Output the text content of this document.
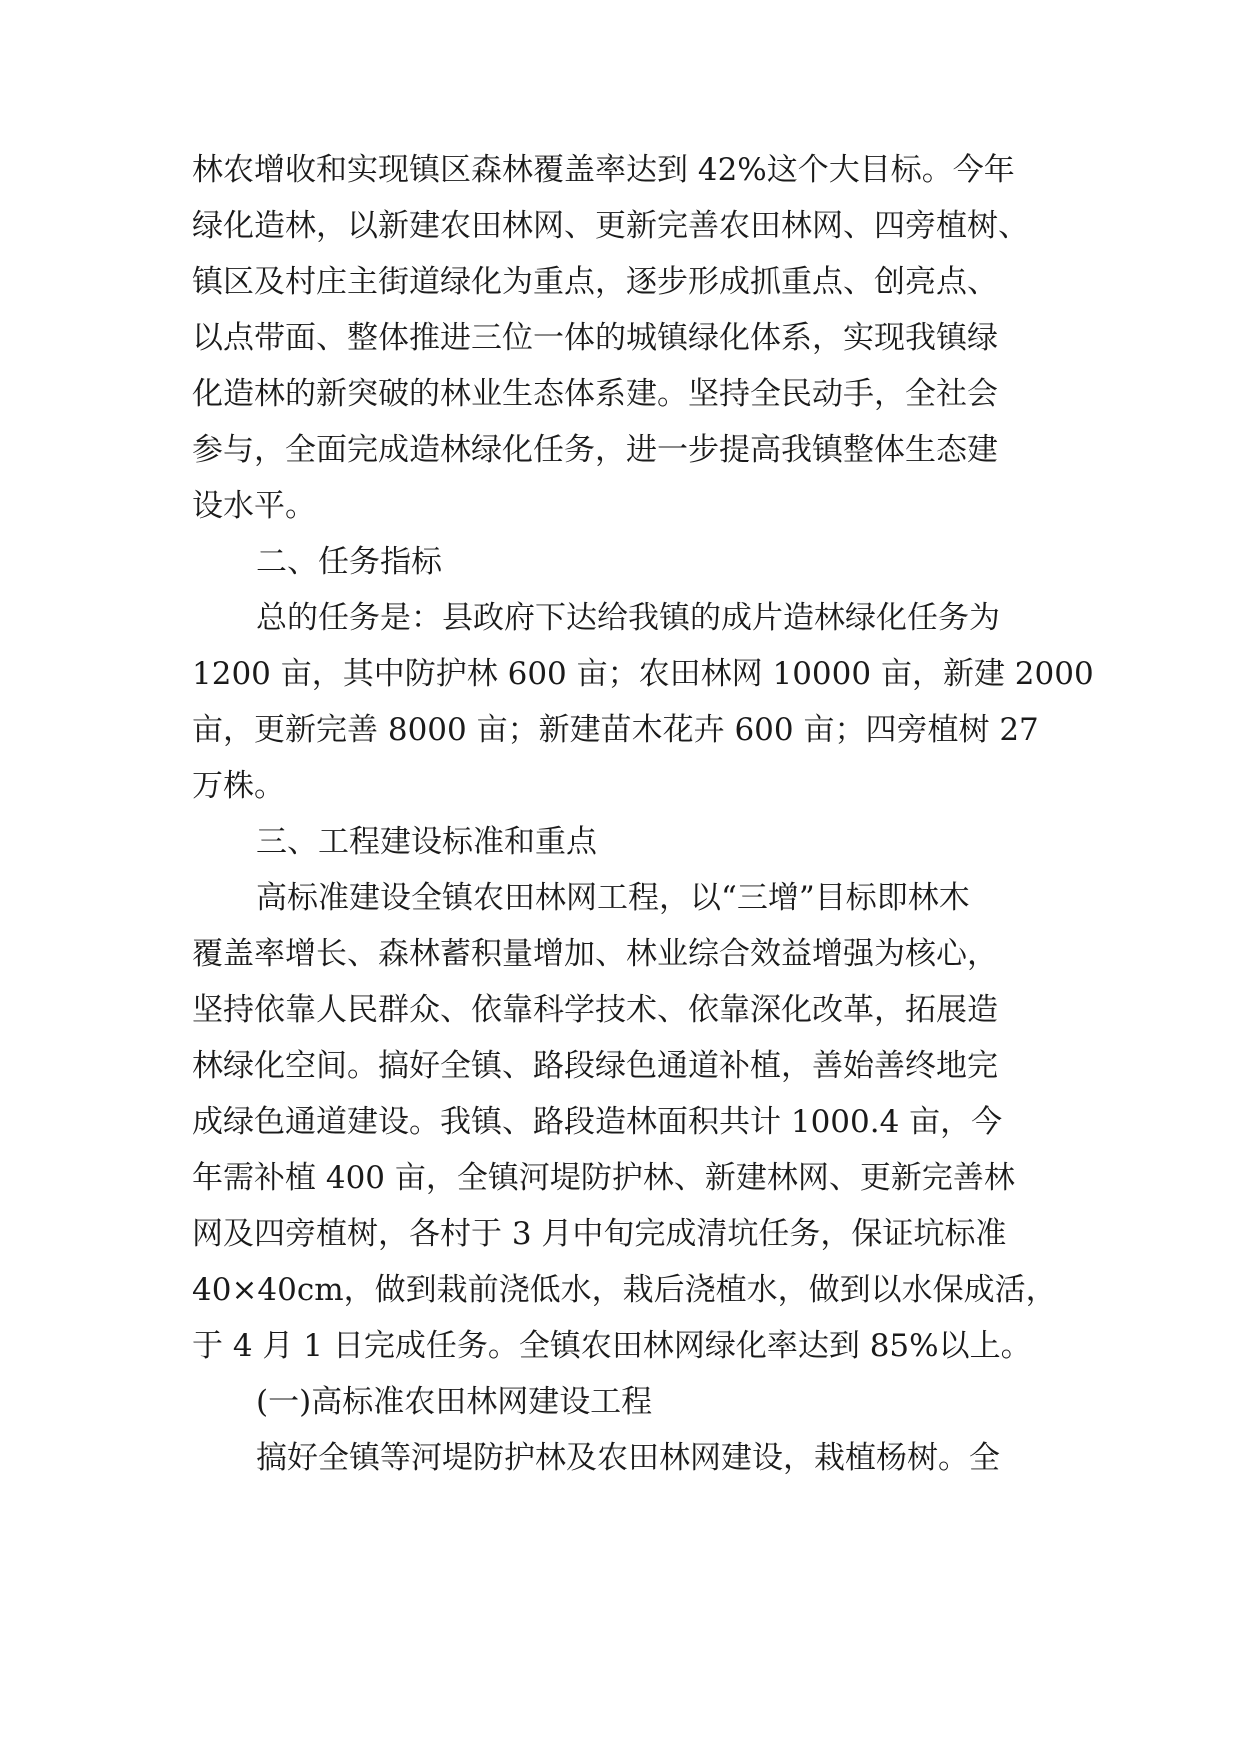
林农增收和实现镇区森林覆盖率达到 42%这个大目标。今年

绿化造林，以新建农田林网、更新完善农田林网、四旁植树、

镇区及村庄主街道绿化为重点，逐步形成抓重点、创亮点、

以点带面、整体推进三位一体的城镇绿化体系，实现我镇绿

化造林的新突破的林业生态体系建。坚持全民动手，全社会

参与，全面完成造林绿化任务，进一步提高我镇整体生态建

设水平。

二、任务指标

总的任务是：县政府下达给我镇的成片造林绿化任务为

1200 亩，其中防护林 600 亩；农田林网 10000 亩，新建 2000

亩，更新完善 8000 亩；新建苗木花卉 600 亩；四旁植树 27

万株。

三、工程建设标准和重点

高标准建设全镇农田林网工程，以“三增”目标即林木

覆盖率增长、森林蓄积量增加、林业综合效益增强为核心，

坚持依靠人民群众、依靠科学技术、依靠深化改革，拓展造

林绿化空间。搞好全镇、路段绿色通道补植，善始善终地完

成绿色通道建设。我镇、路段造林面积共计 1000.4 亩，今

年需补植 400 亩，全镇河堤防护林、新建林网、更新完善林

网及四旁植树，各村于 3 月中旬完成清坑任务，保证坑标准

40×40cm，做到栽前浇低水，栽后浇植水，做到以水保成活，

于 4 月 1 日完成任务。全镇农田林网绿化率达到 85%以上。

(一)高标准农田林网建设工程

搞好全镇等河堤防护林及农田林网建设，栽植杨树。全
